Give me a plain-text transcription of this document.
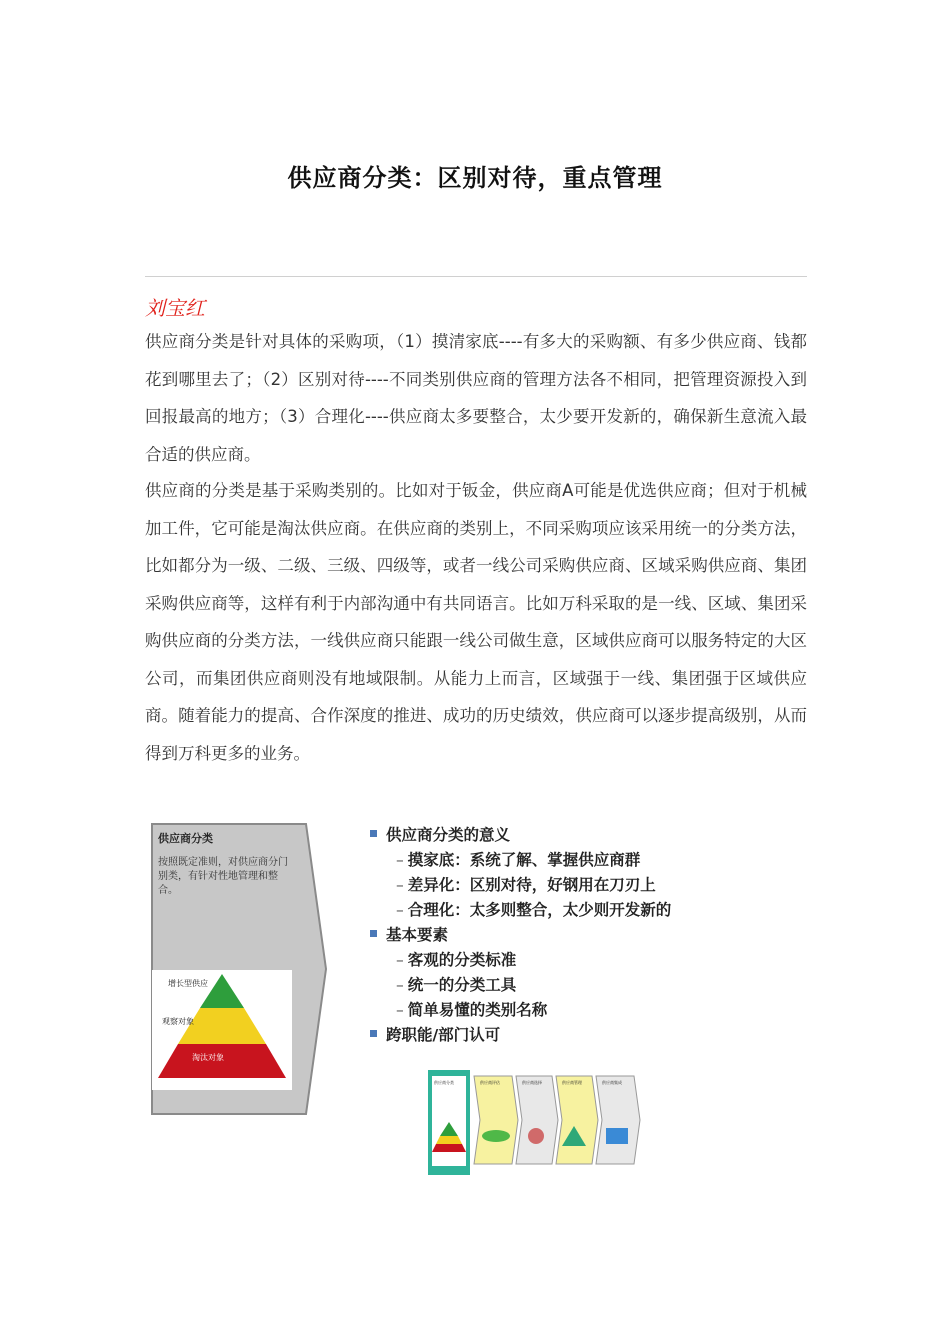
供应商分类：区别对待，重点管理
刘宝红

供应商分类是针对具体的采购项，（1）摸清家底----有多大的采购额、有多少供应商、钱都花到哪里去了；（2）区别对待----不同类别供应商的管理方法各不相同，把管理资源投入到回报最高的地方；（3）合理化----供应商太多要整合，太少要开发新的，确保新生意流入最合适的供应商。

供应商的分类是基于采购类别的。比如对于钣金，供应商A可能是优选供应商；但对于机械加工件，它可能是淘汰供应商。在供应商的类别上，不同采购项应该采用统一的分类方法，比如都分为一级、二级、三级、四级等，或者一线公司采购供应商、区域采购供应商、集团采购供应商等，这样有利于内部沟通中有共同语言。比如万科采取的是一线、区域、集团采购供应商的分类方法，一线供应商只能跟一线公司做生意，区域供应商可以服务特定的大区公司，而集团供应商则没有地域限制。从能力上而言，区域强于一线、集团强于区域供应商。随着能力的提高、合作深度的推进、成功的历史绩效，供应商可以逐步提高级别，从而得到万科更多的业务。

供应商分类
按照既定准则，对供应商分门别类，有针对性地管理和整合。
增长型供应
观察对象
淘汰对象
供应商分类的意义
– 摸家底：系统了解、掌握供应商群
– 差异化：区别对待，好钢用在刀刃上
– 合理化：太多则整合，太少则开发新的
基本要素
– 客观的分类标准
– 统一的分类工具
– 简单易懂的类别名称
跨职能/部门认可
供应商分类	供应商评估	供应商选择	供应商管理	供应商集成
